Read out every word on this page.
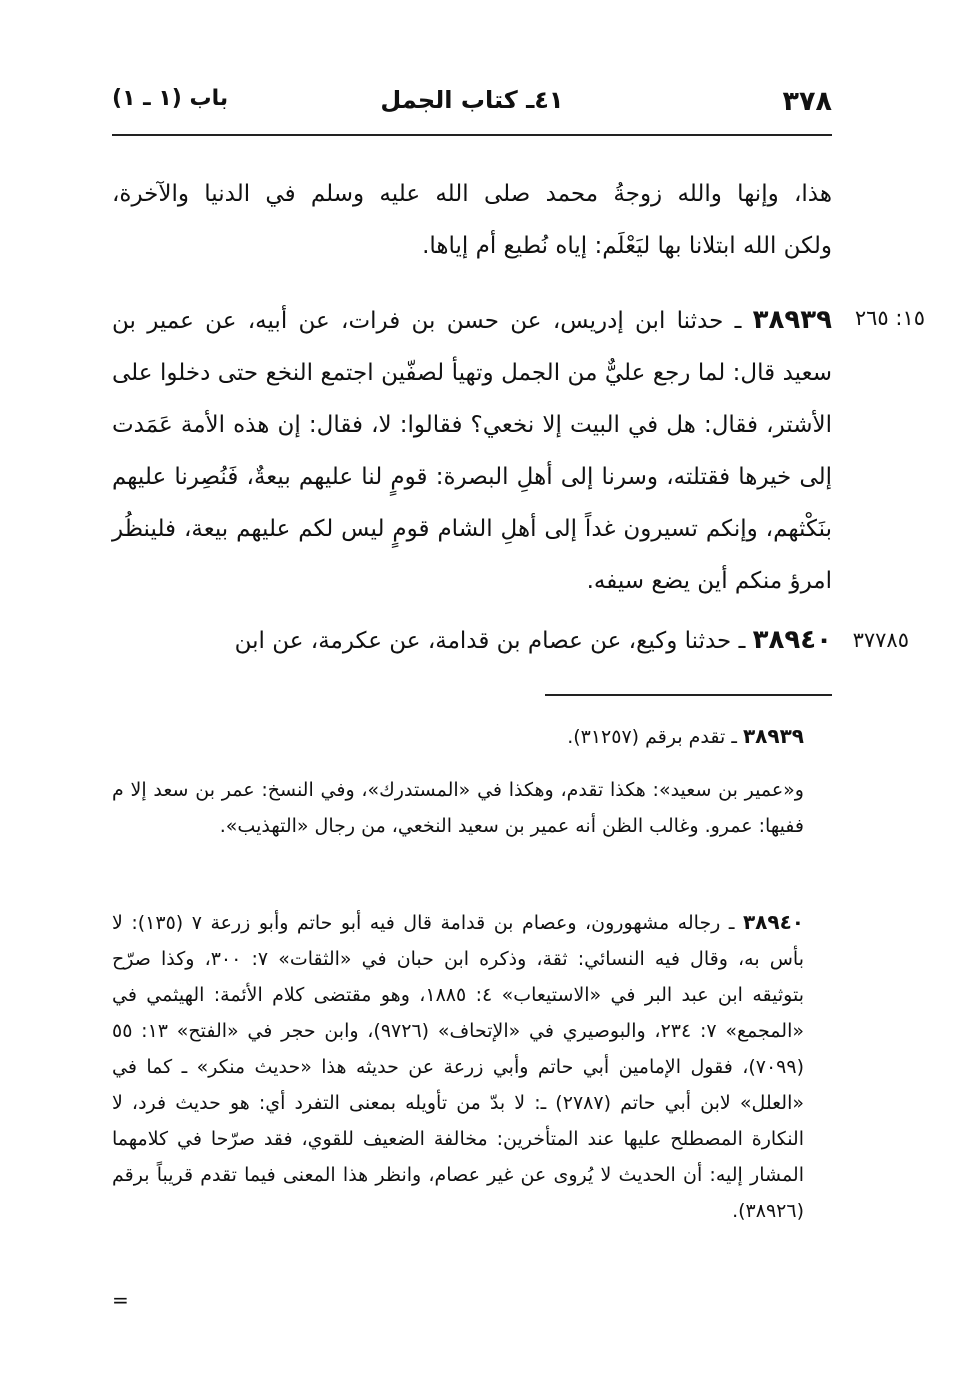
٣٧٨
٤١ـ كتاب الجمل
باب (١ ـ ١)

هذا، وإنها والله زوجةُ محمد صلى الله عليه وسلم في الدنيا والآخرة،

ولكن الله ابتلانا بها ليَعْلَم: إياه نُطيع أم إياها.

١٥: ٢٦٥

٣٨٩٣٩ ـ حدثنا ابن إدريس، عن حسن بن فرات، عن أبيه، عن عمير بن سعيد قال: لما رجع عليٌّ من الجمل وتهيأ لصفّين اجتمع النخع حتى دخلوا على الأشتر، فقال: هل في البيت إلا نخعي؟ فقالوا: لا، فقال: إن هذه الأمة عَمَدت إلى خيرها فقتلته، وسرنا إلى أهلِ البصرة: قومٍ لنا عليهم بيعةٌ، فَنُصِرنا عليهم بنَكْثهم، وإنكم تسيرون غداً إلى أهلِ الشام قومٍ ليس لكم عليهم بيعة، فلينظُر امرؤ منكم أين يضع سيفه.

٣٧٧٨٥

٣٨٩٤٠ ـ حدثنا وكيع، عن عصام بن قدامة، عن عكرمة، عن ابن

٣٨٩٣٩ ـ تقدم برقم (٣١٢٥٧).

و«عمير بن سعيد»: هكذا تقدم، وهكذا في «المستدرك»، وفي النسخ: عمر بن سعد إلا م ففيها: عمرو. وغالب الظن أنه عمير بن سعيد النخعي، من رجال «التهذيب».

٣٨٩٤٠ ـ رجاله مشهورون، وعصام بن قدامة قال فيه أبو حاتم وأبو زرعة ٧ (١٣٥): لا بأس به، وقال فيه النسائي: ثقة، وذكره ابن حبان في «الثقات» ٧: ٣٠٠، وكذا صرّح بتوثيقه ابن عبد البر في «الاستيعاب» ٤: ١٨٨٥، وهو مقتضى كلام الأئمة: الهيثمي في «المجمع» ٧: ٢٣٤، والبوصيري في «الإتحاف» (٩٧٢٦)، وابن حجر في «الفتح» ١٣: ٥٥ (٧٠٩٩)، فقول الإمامين أبي حاتم وأبي زرعة عن حديثه هذا «حديث منكر» ـ كما في «العلل» لابن أبي حاتم (٢٧٨٧) ـ: لا بدّ من تأويله بمعنى التفرد أي: هو حديث فرد، لا النكارة المصطلح عليها عند المتأخرين: مخالفة الضعيف للقوي، فقد صرّحا في كلامهما المشار إليه: أن الحديث لا يُروى عن غير عصام، وانظر هذا المعنى فيما تقدم قريباً برقم (٣٨٩٢٦).

=
